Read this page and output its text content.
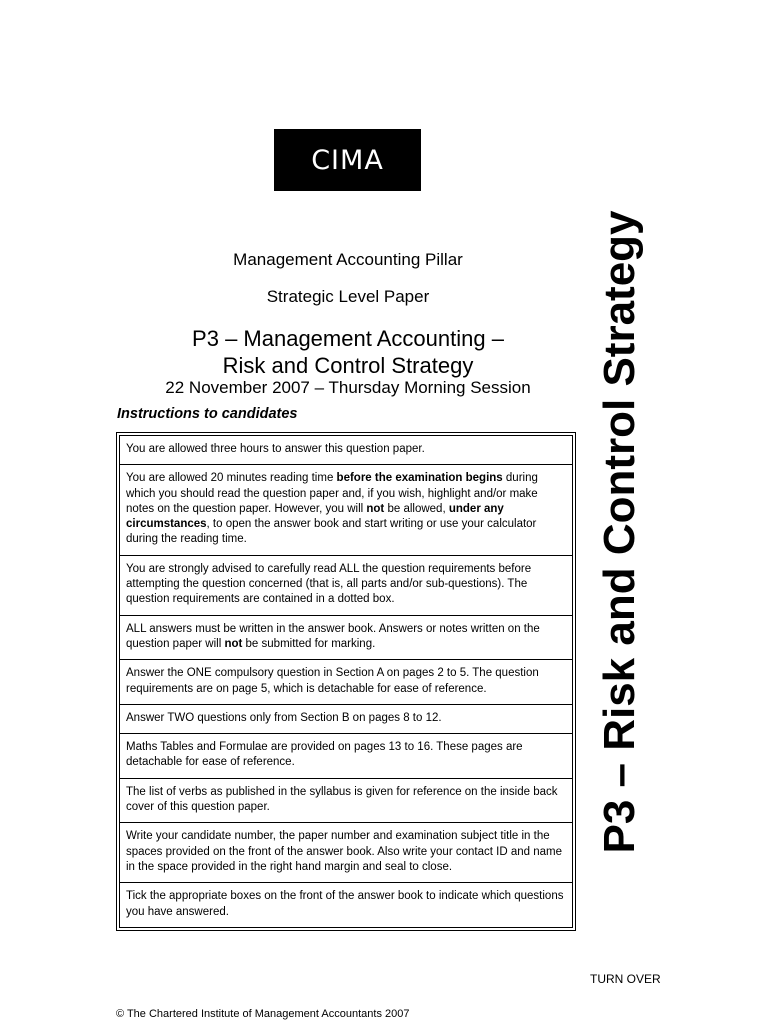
CIMA
Management Accounting Pillar
Strategic Level Paper
P3 – Management Accounting –
Risk and Control Strategy
22 November 2007 – Thursday Morning Session
Instructions to candidates
You are allowed three hours to answer this question paper.
You are allowed 20 minutes reading time before the examination begins during which you should read the question paper and, if you wish, highlight and/or make notes on the question paper. However, you will not be allowed, under any circumstances, to open the answer book and start writing or use your calculator during the reading time.
You are strongly advised to carefully read ALL the question requirements before attempting the question concerned (that is, all parts and/or sub-questions). The question requirements are contained in a dotted box.
ALL answers must be written in the answer book. Answers or notes written on the question paper will not be submitted for marking.
Answer the ONE compulsory question in Section A on pages 2 to 5. The question requirements are on page 5, which is detachable for ease of reference.
Answer TWO questions only from Section B on pages 8 to 12.
Maths Tables and Formulae are provided on pages 13 to 16. These pages are detachable for ease of reference.
The list of verbs as published in the syllabus is given for reference on the inside back cover of this question paper.
Write your candidate number, the paper number and examination subject title in the spaces provided on the front of the answer book. Also write your contact ID and name in the space provided in the right hand margin and seal to close.
Tick the appropriate boxes on the front of the answer book to indicate which questions you have answered.
P3 – Risk and Control Strategy
TURN OVER
© The Chartered Institute of Management Accountants 2007
